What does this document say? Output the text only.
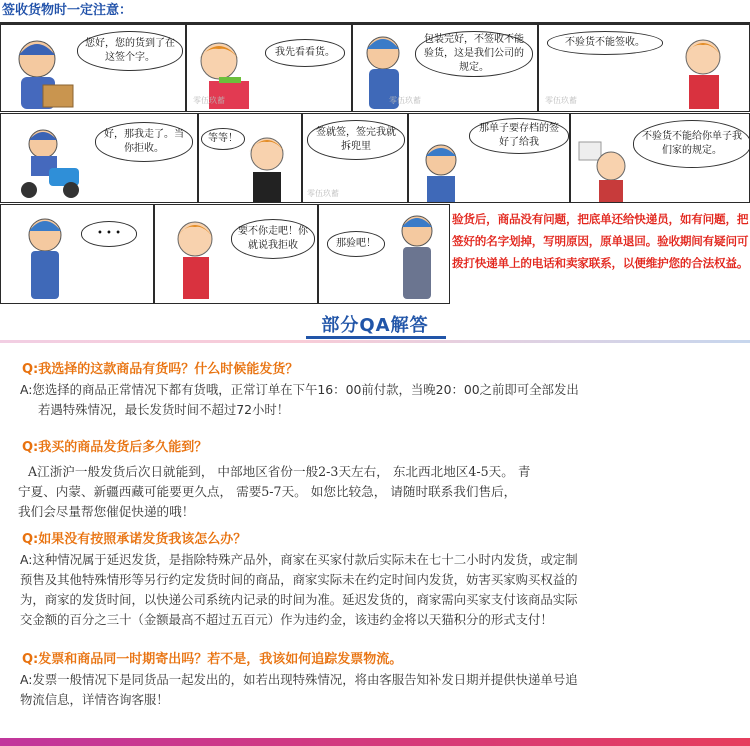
签收货物时一定注意：
您好，您的货到了在这签个字。	我先看看货。
零伍玖蓄
包装完好，不签收不能验货，这是我们公司的规定。
零伍玖蓄
不验货不能签收。
零伍玖蓄
好，那我走了。当你拒收。
等等！
签就签，签完我就拆兜里
零伍玖蓄
那单子要存档的签好了给我
不验货不能给你单子我们家的规定。
• • •	要不你走吧！你就说我拒收	那验吧！
验货后，商品没有问题，把底单还给快递员，如有问题，把签好的名字划掉，写明原因，原单退回。验收期间有疑问可拨打快递单上的电话和卖家联系，以便维护您的合法权益。
部分QA解答
Q:我选择的这款商品有货吗？什么时候能发货？
A:您选择的商品正常情况下都有货哦，正常订单在下午16：00前付款，当晚20：00之前即可全部发出
若遇特殊情况，最长发货时间不超过72小时！
Q:我买的商品发货后多久能到？
A江浙沪一般发货后次日就能到， 中部地区省份一般2-3天左右， 东北西北地区4-5天。 青
宁夏、内蒙、新疆西藏可能要更久点， 需要5-7天。 如您比较急， 请随时联系我们售后，
我们会尽量帮您催促快递的哦！
Q:如果没有按照承诺发货我该怎么办？
A:这种情况属于延迟发货，是指除特殊产品外，商家在买家付款后实际未在七十二小时内发货，或定制
预售及其他特殊情形等另行约定发货时间的商品，商家实际未在约定时间内发货，妨害买家购买权益的
为，商家的发货时间，以快递公司系统内记录的时间为准。延迟发货的，商家需向买家支付该商品实际
交金额的百分之三十（金额最高不超过五百元）作为违约金，该违约金将以天猫积分的形式支付！
Q:发票和商品同一时期寄出吗？若不是，我该如何追踪发票物流。
A:发票一般情况下是同货品一起发出的，如若出现特殊情况，将由客服告知补发日期并提供快递单号追
物流信息，详情咨询客服！
